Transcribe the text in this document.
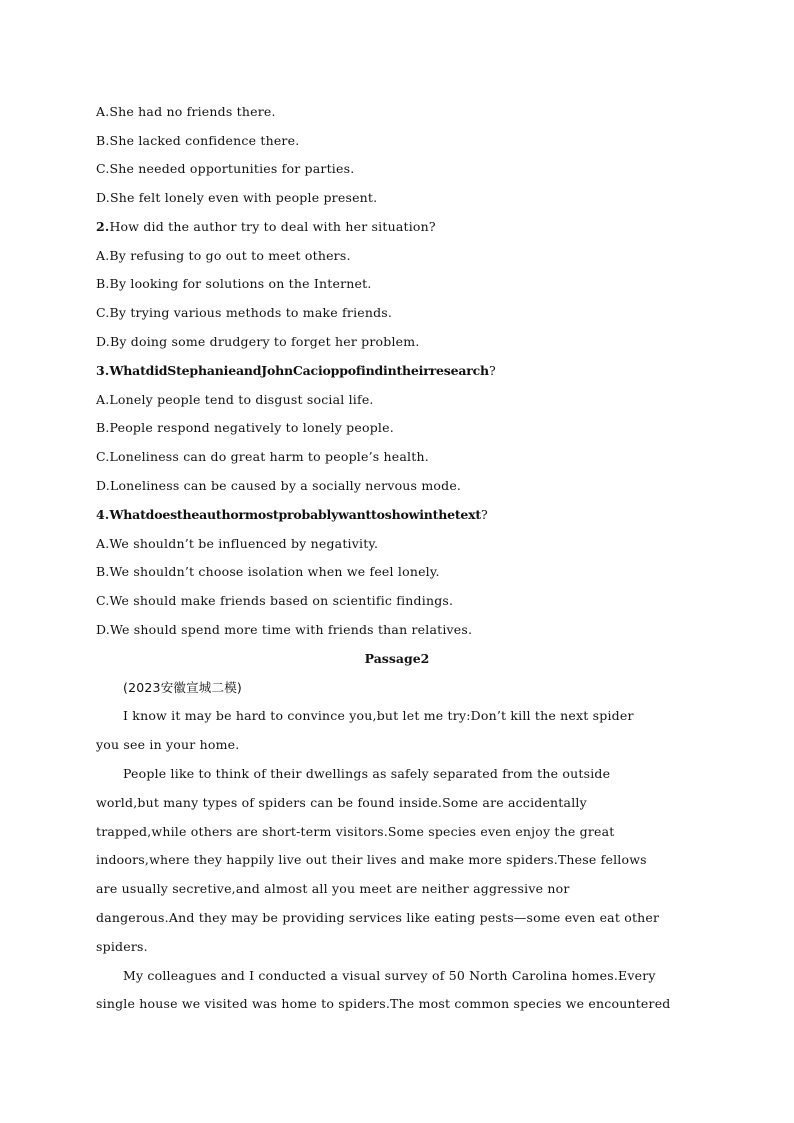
A.She had no friends there.
B.She lacked confidence there.
C.She needed opportunities for parties.
D.She felt lonely even with people present.
2.How did the author try to deal with her situation?
A.By refusing to go out to meet others.
B.By looking for solutions on the Internet.
C.By trying various methods to make friends.
D.By doing some drudgery to forget her problem.
3.WhatdidStephanieandJohnCacioppofindintheirresearch?
A.Lonely people tend to disgust social life.
B.People respond negatively to lonely people.
C.Loneliness can do great harm to people’s health.
D.Loneliness can be caused by a socially nervous mode.
4.Whatdoestheauthormostprobablywanttoshowinthetext?
A.We shouldn’t be influenced by negativity.
B.We shouldn’t choose isolation when we feel lonely.
C.We should make friends based on scientific findings.
D.We should spend more time with friends than relatives.
Passage2
(2023安徽宣城二模)
I know it may be hard to convince you,but let me try:Don’t kill the next spider
you see in your home.
People like to think of their dwellings as safely separated from the outside
world,but many types of spiders can be found inside.Some are accidentally
trapped,while others are short-term visitors.Some species even enjoy the great
indoors,where they happily live out their lives and make more spiders.These fellows
are usually secretive,and almost all you meet are neither aggressive nor
dangerous.And they may be providing services like eating pests—some even eat other
spiders.
My colleagues and I conducted a visual survey of 50 North Carolina homes.Every
single house we visited was home to spiders.The most common species we encountered
